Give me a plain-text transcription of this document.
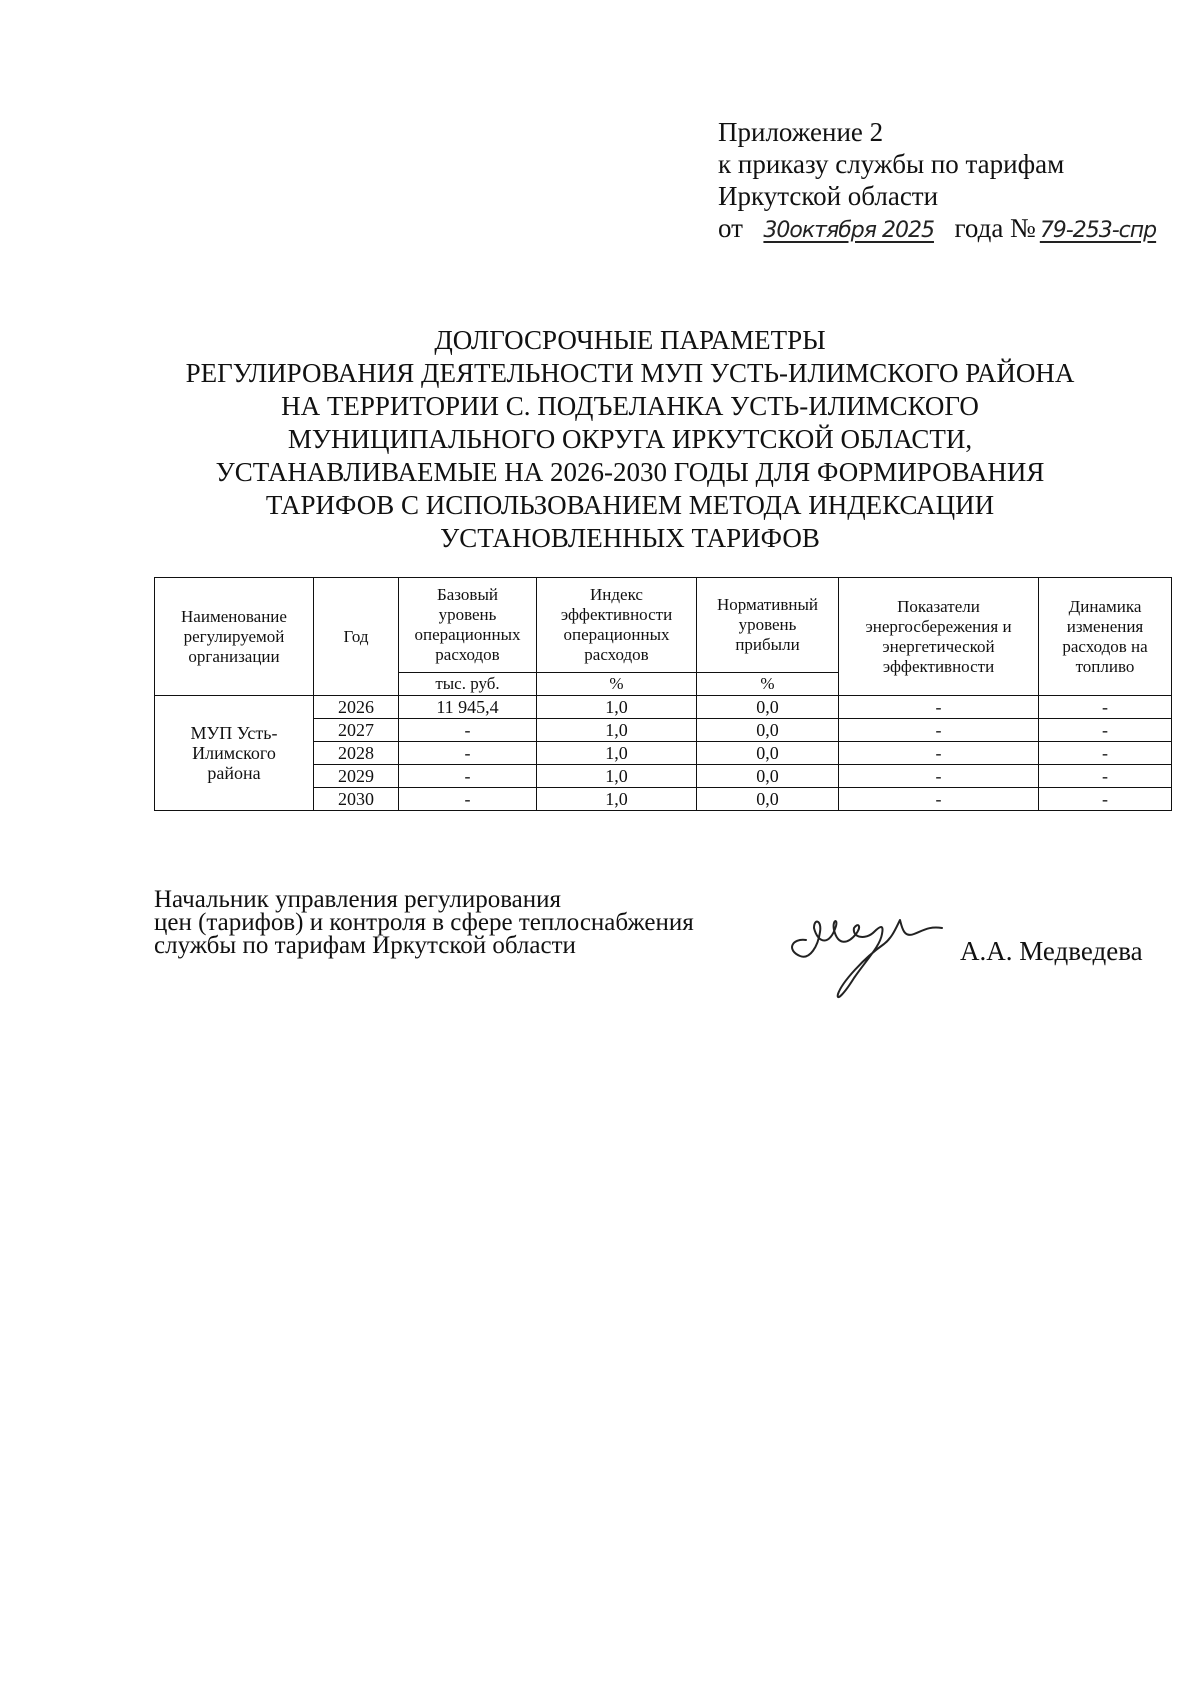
Приложение 2
к приказу службы по тарифам
Иркутской области
от 30октября 2025 года № 79-253-спр
ДОЛГОСРОЧНЫЕ ПАРАМЕТРЫ
РЕГУЛИРОВАНИЯ ДЕЯТЕЛЬНОСТИ МУП УСТЬ-ИЛИМСКОГО РАЙОНА
НА ТЕРРИТОРИИ С. ПОДЪЕЛАНКА УСТЬ-ИЛИМСКОГО
МУНИЦИПАЛЬНОГО ОКРУГА ИРКУТСКОЙ ОБЛАСТИ,
УСТАНАВЛИВАЕМЫЕ НА 2026-2030 ГОДЫ ДЛЯ ФОРМИРОВАНИЯ
ТАРИФОВ С ИСПОЛЬЗОВАНИЕМ МЕТОДА ИНДЕКСАЦИИ
УСТАНОВЛЕННЫХ ТАРИФОВ
Наименование
регулируемой
организации	Год	Базовый
уровень
операционных
расходов	Индекс
эффективности
операционных
расходов	Нормативный
уровень
прибыли	Показатели
энергосбережения и
энергетической
эффективности	Динамика
изменения
расходов на
топливо
		тыс. руб.	%	%		
МУП Усть-
Илимского
района	2026	11 945,4	1,0	0,0	-	-
	2027	-	1,0	0,0	-	-
	2028	-	1,0	0,0	-	-
	2029	-	1,0	0,0	-	-
	2030	-	1,0	0,0	-	-
Начальник управления регулирования
цен (тарифов) и контроля в сфере теплоснабжения
службы по тарифам Иркутской области	А.А. Медведева
